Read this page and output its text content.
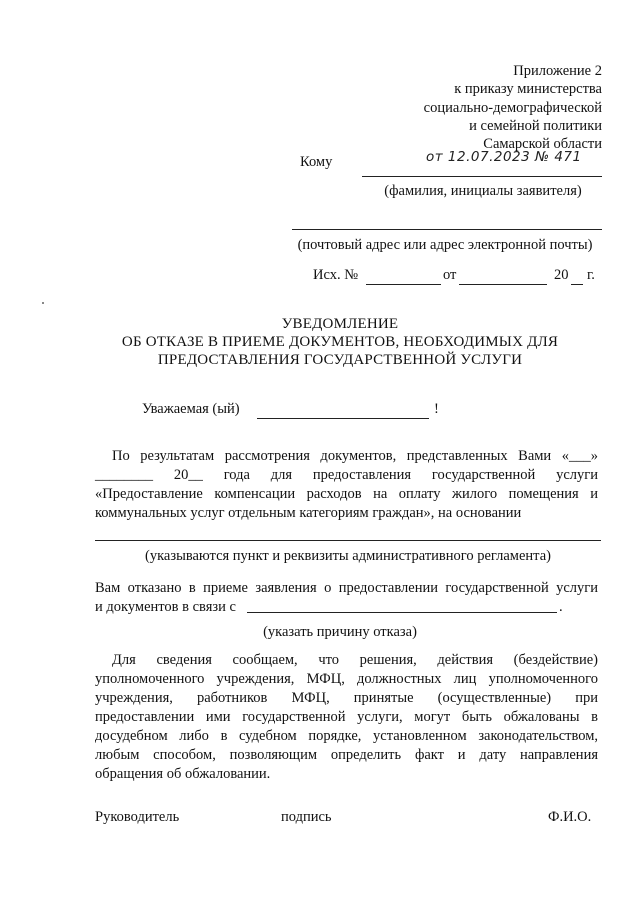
Приложение 2
к приказу министерства
социально-демографической
и семейной политики
Самарской области
от 12.07.2023 № 471
Кому
(фамилия, инициалы заявителя)
(почтовый адрес или адрес электронной почты)
Исх. №	от	20 г.
УВЕДОМЛЕНИЕ
ОБ ОТКАЗЕ В ПРИЕМЕ ДОКУМЕНТОВ, НЕОБХОДИМЫХ ДЛЯ
ПРЕДОСТАВЛЕНИЯ ГОСУДАРСТВЕННОЙ УСЛУГИ
Уважаемая (ый)	!
По результатам рассмотрения документов, представленных Вами «___»
________ 20__ года для предоставления государственной услуги
«Предоставление компенсации расходов на оплату жилого помещения и
коммунальных услуг отдельным категориям граждан», на основании
(указываются пункт и реквизиты административного регламента)
Вам отказано в приеме заявления о предоставлении государственной услуги
и документов в связи с	.
(указать причину отказа)
Для сведения сообщаем, что решения, действия (бездействие)
уполномоченного учреждения, МФЦ, должностных лиц уполномоченного
учреждения, работников МФЦ, принятые (осуществленные) при
предоставлении ими государственной услуги, могут быть обжалованы в
досудебном либо в судебном порядке, установленном законодательством,
любым способом, позволяющим определить факт и дату направления
обращения об обжаловании.
Руководитель	подпись	Ф.И.О.
